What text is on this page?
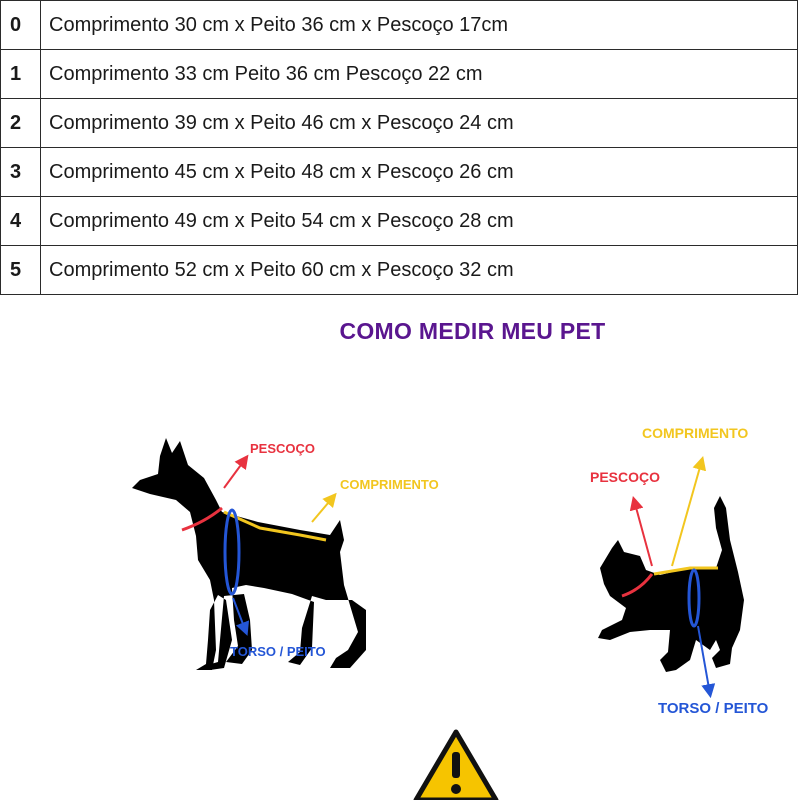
0	Comprimento 30 cm x Peito 36 cm x Pescoço 17cm
1	Comprimento 33 cm Peito 36 cm Pescoço 22 cm
2	Comprimento 39 cm x Peito 46 cm x Pescoço 24 cm
3	Comprimento 45 cm x Peito 48 cm x Pescoço 26 cm
4	Comprimento 49 cm x Peito 54 cm x Pescoço 28 cm
5	Comprimento 52 cm x Peito 60 cm x Pescoço 32 cm
COMO MEDIR MEU PET
PESCOÇO
COMPRIMENTO
TORSO / PEITO
PESCOÇO
COMPRIMENTO
TORSO / PEITO
